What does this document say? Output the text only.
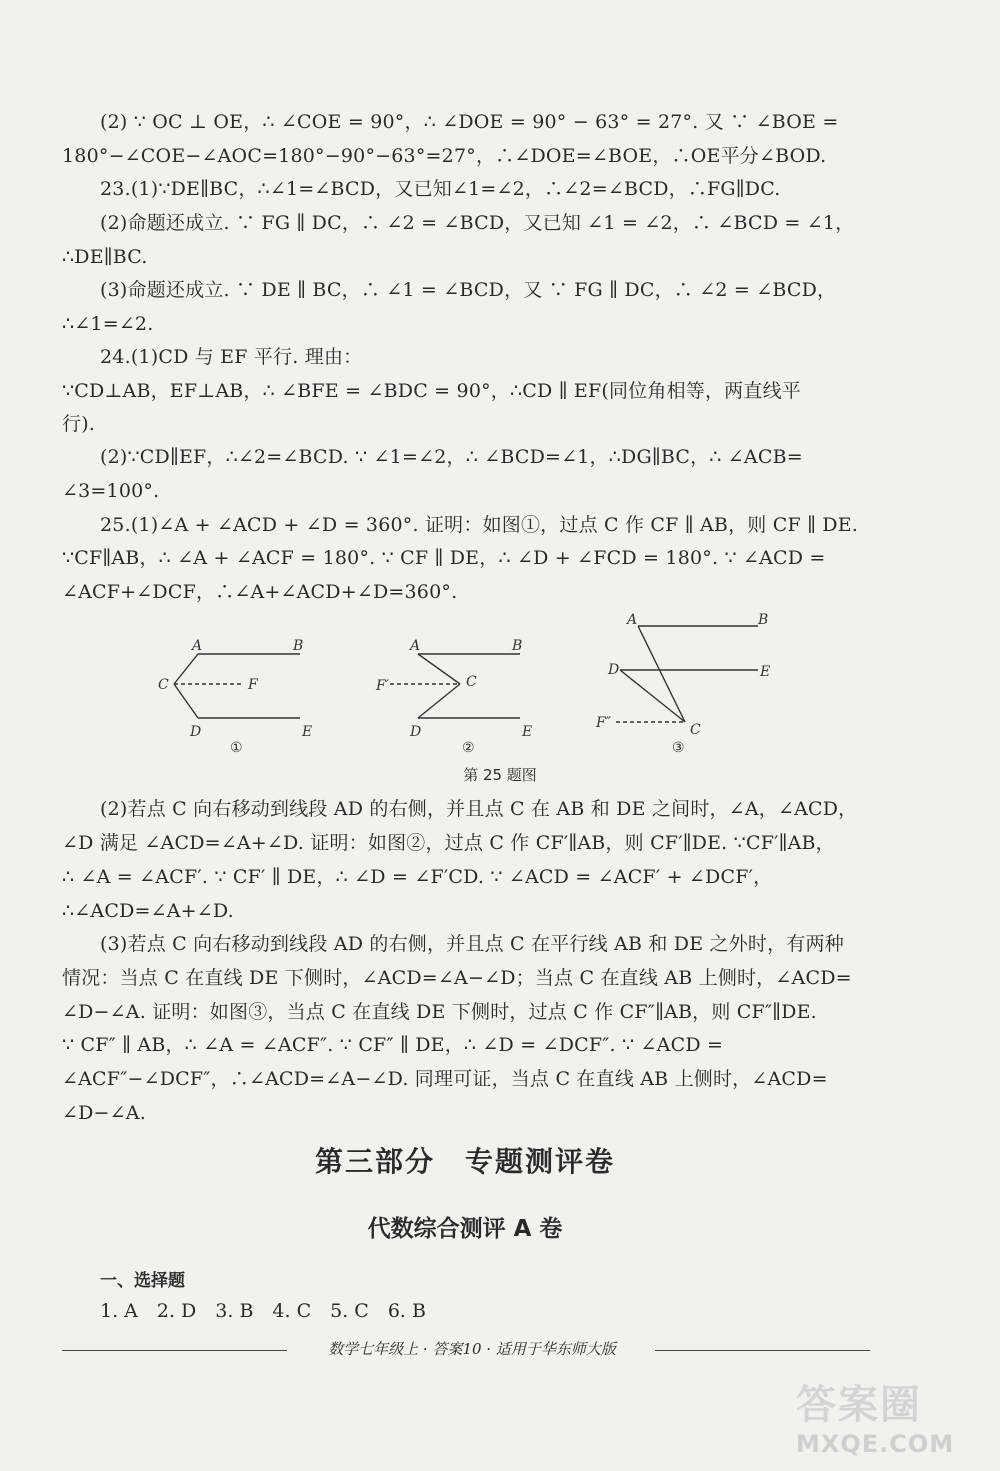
(2) ∵ OC ⊥ OE，∴ ∠COE = 90°，∴ ∠DOE = 90° − 63° = 27°. 又 ∵ ∠BOE =
180°−∠COE−∠AOC=180°−90°−63°=27°，∴∠DOE=∠BOE，∴OE平分∠BOD.
23.(1)∵DE∥BC，∴∠1=∠BCD，又已知∠1=∠2，∴∠2=∠BCD，∴FG∥DC.
(2)命题还成立. ∵ FG ∥ DC，∴ ∠2 = ∠BCD，又已知 ∠1 = ∠2，∴ ∠BCD = ∠1，
∴DE∥BC.
(3)命题还成立. ∵ DE ∥ BC，∴ ∠1 = ∠BCD，又 ∵ FG ∥ DC，∴ ∠2 = ∠BCD，
∴∠1=∠2.
24.(1)CD 与 EF 平行. 理由：
∵CD⊥AB，EF⊥AB，∴ ∠BFE = ∠BDC = 90°，∴CD ∥ EF(同位角相等，两直线平
行).
(2)∵CD∥EF，∴∠2=∠BCD. ∵ ∠1=∠2，∴ ∠BCD=∠1，∴DG∥BC，∴ ∠ACB=
∠3=100°.
25.(1)∠A + ∠ACD + ∠D = 360°. 证明：如图①，过点 C 作 CF ∥ AB，则 CF ∥ DE.
∵CF∥AB，∴ ∠A + ∠ACF = 180°. ∵ CF ∥ DE，∴ ∠D + ∠FCD = 180°. ∵ ∠ACD =
∠ACF+∠DCF，∴∠A+∠ACD+∠D=360°.
A	B
C	F
D	E
①
A	B
C
F′
D	E
②
A	B
D	E
F″	C
③
第 25 题图
(2)若点 C 向右移动到线段 AD 的右侧，并且点 C 在 AB 和 DE 之间时，∠A，∠ACD，
∠D 满足 ∠ACD=∠A+∠D. 证明：如图②，过点 C 作 CF′∥AB，则 CF′∥DE. ∵CF′∥AB，
∴ ∠A = ∠ACF′. ∵ CF′ ∥ DE，∴ ∠D = ∠F′CD. ∵ ∠ACD = ∠ACF′ + ∠DCF′，
∴∠ACD=∠A+∠D.
(3)若点 C 向右移动到线段 AD 的右侧，并且点 C 在平行线 AB 和 DE 之外时，有两种
情况：当点 C 在直线 DE 下侧时，∠ACD=∠A−∠D；当点 C 在直线 AB 上侧时，∠ACD=
∠D−∠A. 证明：如图③，当点 C 在直线 DE 下侧时，过点 C 作 CF″∥AB，则 CF″∥DE.
∵ CF″ ∥ AB，∴ ∠A = ∠ACF″. ∵ CF″ ∥ DE，∴ ∠D = ∠DCF″. ∵ ∠ACD =
∠ACF″−∠DCF″，∴∠ACD=∠A−∠D. 同理可证，当点 C 在直线 AB 上侧时，∠ACD=
∠D−∠A.
第三部分　专题测评卷
代数综合测评 A 卷
一、选择题
1. A　2. D　3. B　4. C　5. C　6. B
数学七年级上 · 答案10 · 适用于华东师大版
答案圈
MXQE.COM
